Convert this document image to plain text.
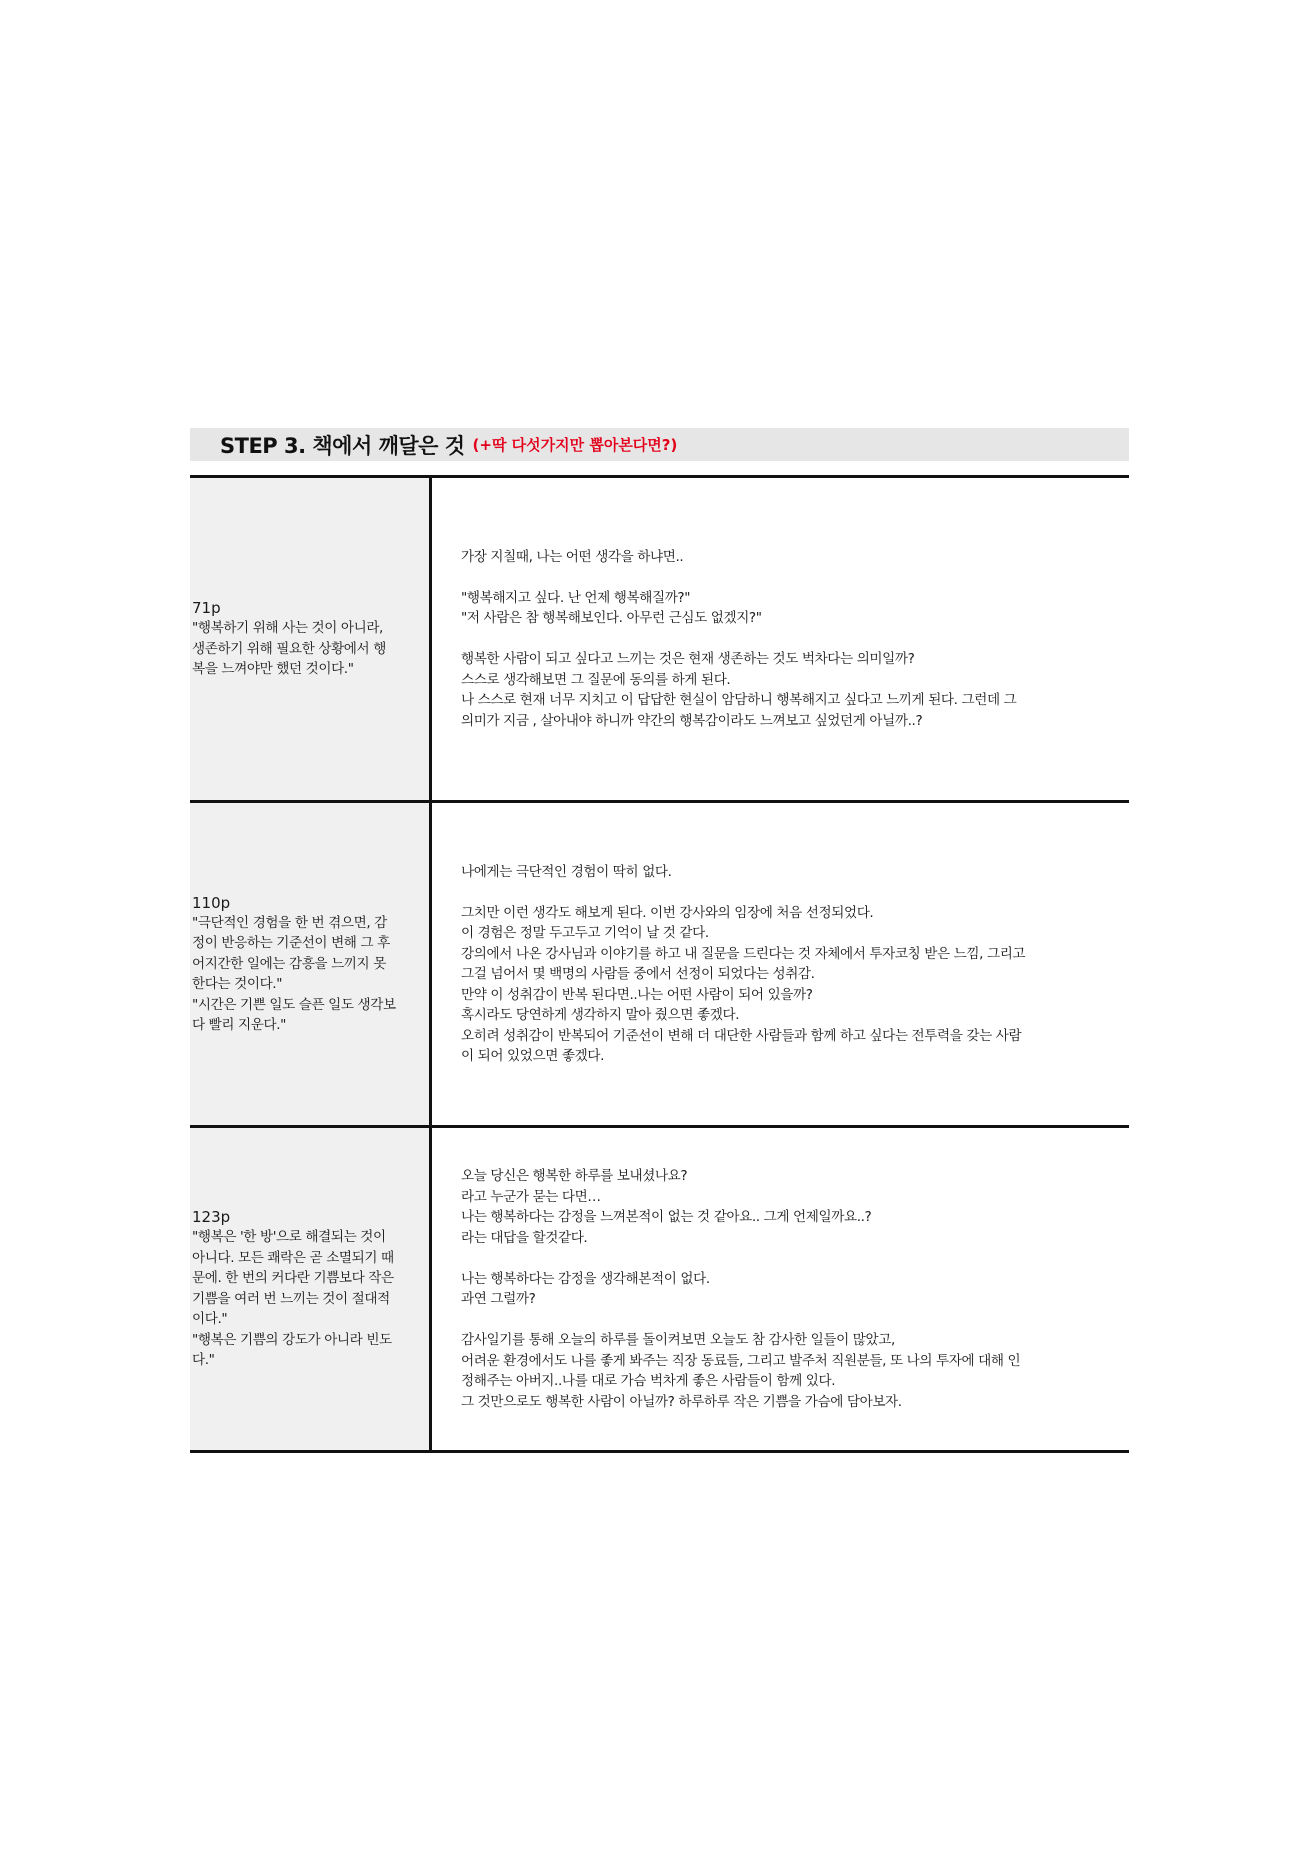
STEP 3. 책에서 깨달은 것 (+딱 다섯가지만 뽑아본다면?)
71p
"행복하기 위해 사는 것이 아니라,
생존하기 위해 필요한 상황에서 행
복을 느껴야만 했던 것이다."
가장 지칠때, 나는 어떤 생각을 하냐면..

"행복해지고 싶다. 난 언제 행복해질까?"
"저 사람은 참 행복해보인다. 아무런 근심도 없겠지?"

행복한 사람이 되고 싶다고 느끼는 것은 현재 생존하는 것도 벅차다는 의미일까?
스스로 생각해보면 그 질문에 동의를 하게 된다.
나 스스로 현재 너무 지치고 이 답답한 현실이 암담하니 행복해지고 싶다고 느끼게 된다. 그런데 그
의미가 지금 , 살아내야 하니까 약간의 행복감이라도 느껴보고 싶었던게 아닐까..?
110p
"극단적인 경험을 한 번 겪으면, 감
정이 반응하는 기준선이 변해 그 후
어지간한 일에는 감흥을 느끼지 못
한다는 것이다."
"시간은 기쁜 일도 슬픈 일도 생각보
다 빨리 지운다."
나에게는 극단적인 경험이 딱히 없다.

그치만 이런 생각도 해보게 된다. 이번 강사와의 임장에 처음 선정되었다.
이 경험은 정말 두고두고 기억이 날 것 같다.
강의에서 나온 강사님과 이야기를 하고 내 질문을 드린다는 것 자체에서 투자코칭 받은 느낌, 그리고
그걸 넘어서 몇 백명의 사람들 중에서 선정이 되었다는 성취감.
만약 이 성취감이 반복 된다면..나는 어떤 사람이 되어 있을까?
혹시라도 당연하게 생각하지 말아 줬으면 좋겠다.
오히려 성취감이 반복되어 기준선이 변해 더 대단한 사람들과 함께 하고 싶다는 전투력을 갖는 사람
이 되어 있었으면 좋겠다.
123p
"행복은 '한 방'으로 해결되는 것이
아니다. 모든 쾌락은 곧 소멸되기 때
문에. 한 번의 커다란 기쁨보다 작은
기쁨을 여러 번 느끼는 것이 절대적
이다."
"행복은 기쁨의 강도가 아니라 빈도
다."
오늘 당신은 행복한 하루를 보내셨나요?
라고 누군가 묻는 다면…
나는 행복하다는 감정을 느껴본적이 없는 것 같아요.. 그게 언제일까요..?
라는 대답을 할것같다.

나는 행복하다는 감정을 생각해본적이 없다.
과연 그럴까?

감사일기를 통해 오늘의 하루를 돌이켜보면 오늘도 참 감사한 일들이 많았고,
어려운 환경에서도 나를 좋게 봐주는 직장 동료들, 그리고 발주처 직원분들, 또 나의 투자에 대해 인
정해주는 아버지..나를 대로 가슴 벅차게 좋은 사람들이 함께 있다.
그 것만으로도 행복한 사람이 아닐까? 하루하루 작은 기쁨을 가슴에 담아보자.
